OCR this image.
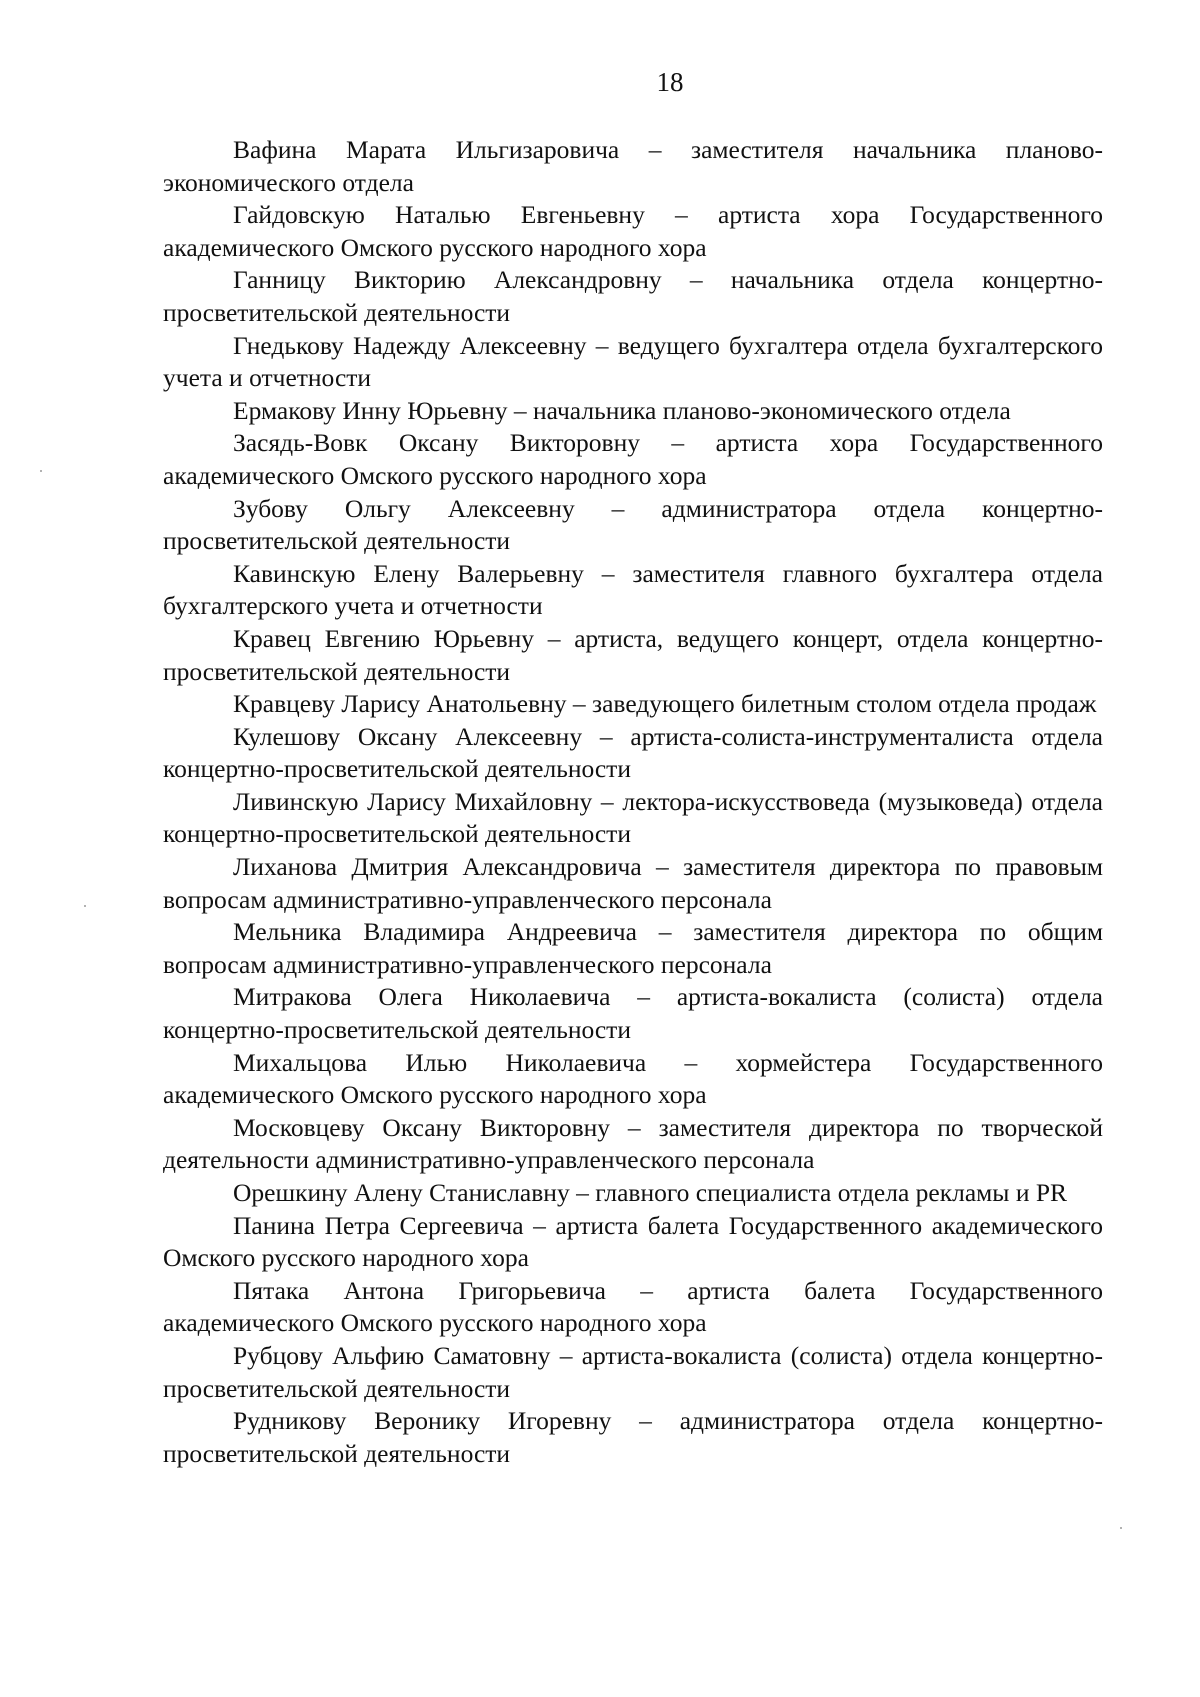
18

Вафина Марата Ильгизаровича – заместителя начальника планово-экономического отдела

Гайдовскую Наталью Евгеньевну – артиста хора Государственного академического Омского русского народного хора

Ганницу Викторию Александровну – начальника отдела концертно-просветительской деятельности

Гнедькову Надежду Алексеевну – ведущего бухгалтера отдела бухгалтерского учета и отчетности

Ермакову Инну Юрьевну – начальника планово-экономического отдела

Засядь-Вовк Оксану Викторовну – артиста хора Государственного академического Омского русского народного хора

Зубову Ольгу Алексеевну – администратора отдела концертно-просветительской деятельности

Кавинскую Елену Валерьевну – заместителя главного бухгалтера отдела бухгалтерского учета и отчетности

Кравец Евгению Юрьевну – артиста, ведущего концерт, отдела концертно-просветительской деятельности

Кравцеву Ларису Анатольевну – заведующего билетным столом отдела продаж

Кулешову Оксану Алексеевну – артиста-солиста-инструменталиста отдела концертно-просветительской деятельности

Ливинскую Ларису Михайловну – лектора-искусствоведа (музыковеда) отдела концертно-просветительской деятельности

Лиханова Дмитрия Александровича – заместителя директора по правовым вопросам административно-управленческого персонала

Мельника Владимира Андреевича – заместителя директора по общим вопросам административно-управленческого персонала

Митракова Олега Николаевича – артиста-вокалиста (солиста) отдела концертно-просветительской деятельности

Михальцова Илью Николаевича – хормейстера Государственного академического Омского русского народного хора

Московцеву Оксану Викторовну – заместителя директора по творческой деятельности административно-управленческого персонала

Орешкину Алену Станиславну – главного специалиста отдела рекламы и PR

Панина Петра Сергеевича – артиста балета Государственного академического Омского русского народного хора

Пятака Антона Григорьевича – артиста балета Государственного академического Омского русского народного хора

Рубцову Альфию Саматовну – артиста-вокалиста (солиста) отдела концертно-просветительской деятельности

Рудникову Веронику Игоревну – администратора отдела концертно-просветительской деятельности
